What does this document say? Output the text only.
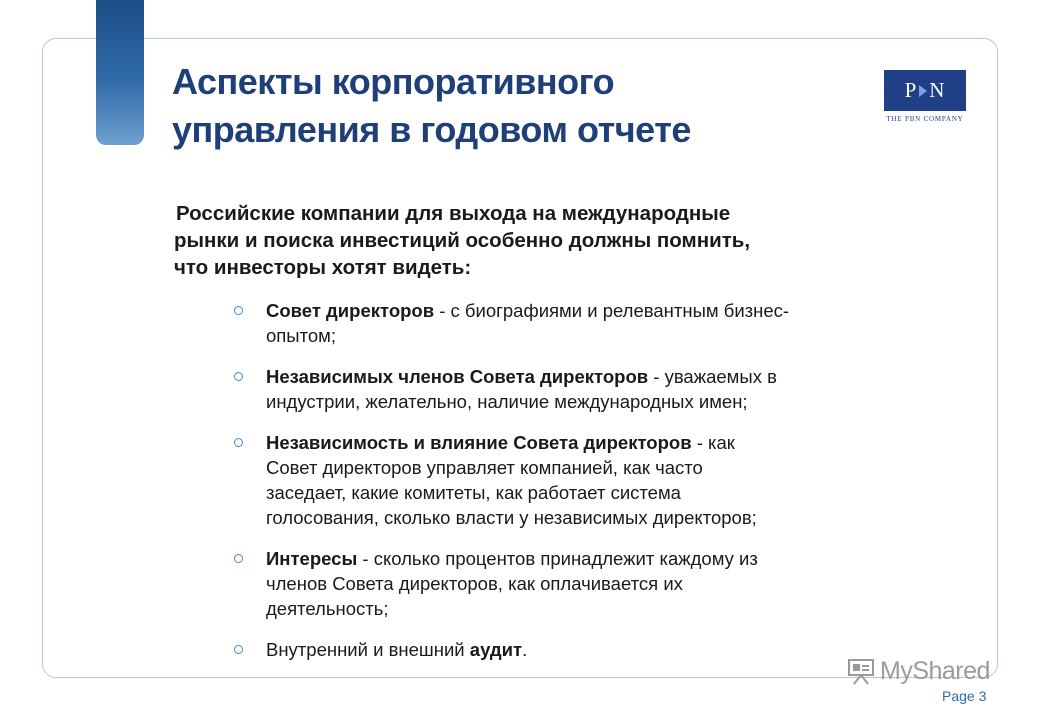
Аспекты корпоративного
управления в годовом отчете
P N
THE PBN COMPANY

Российские компании для выхода на международные
рынки и поиска инвестиций особенно должны помнить,
что инвесторы хотят видеть:

Совет директоров - с биографиями и релевантным бизнес-
опытом;
Независимых членов Совета директоров - уважаемых в
индустрии, желательно, наличие международных имен;
Независимость и влияние Совета директоров - как
Совет директоров управляет компанией, как часто
заседает, какие комитеты, как работает система
голосования, сколько власти у независимых директоров;
Интересы - сколько процентов принадлежит каждому из
членов Совета директоров, как оплачивается их
деятельность;
Внутренний и внешний аудит.
MyShared
Page 3
